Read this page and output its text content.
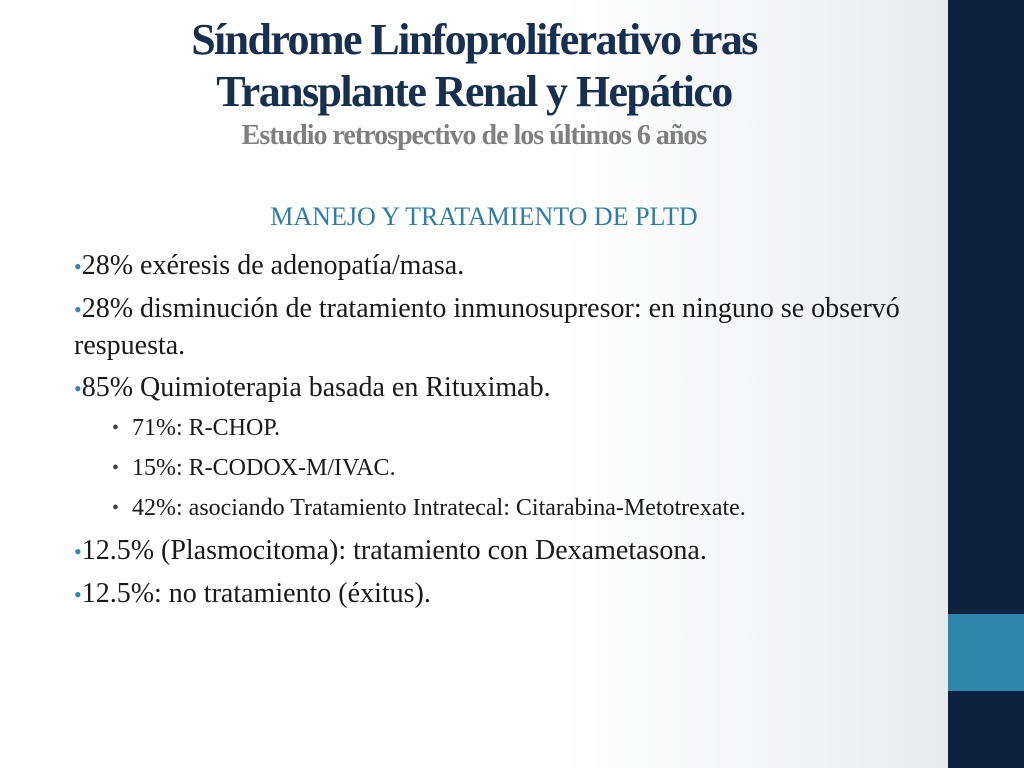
Síndrome Linfoproliferativo tras
Transplante Renal y Hepático
Estudio retrospectivo de los últimos 6 años
MANEJO Y TRATAMIENTO DE PLTD
•28% exéresis de adenopatía/masa.
•28% disminución de tratamiento inmunosupresor: en ninguno se observó respuesta.
•85% Quimioterapia basada en Rituximab.
• 71%: R-CHOP.
• 15%: R-CODOX-M/IVAC.
• 42%: asociando Tratamiento Intratecal: Citarabina-Metotrexate.
•12.5% (Plasmocitoma): tratamiento con Dexametasona.
•12.5%: no tratamiento (éxitus).
